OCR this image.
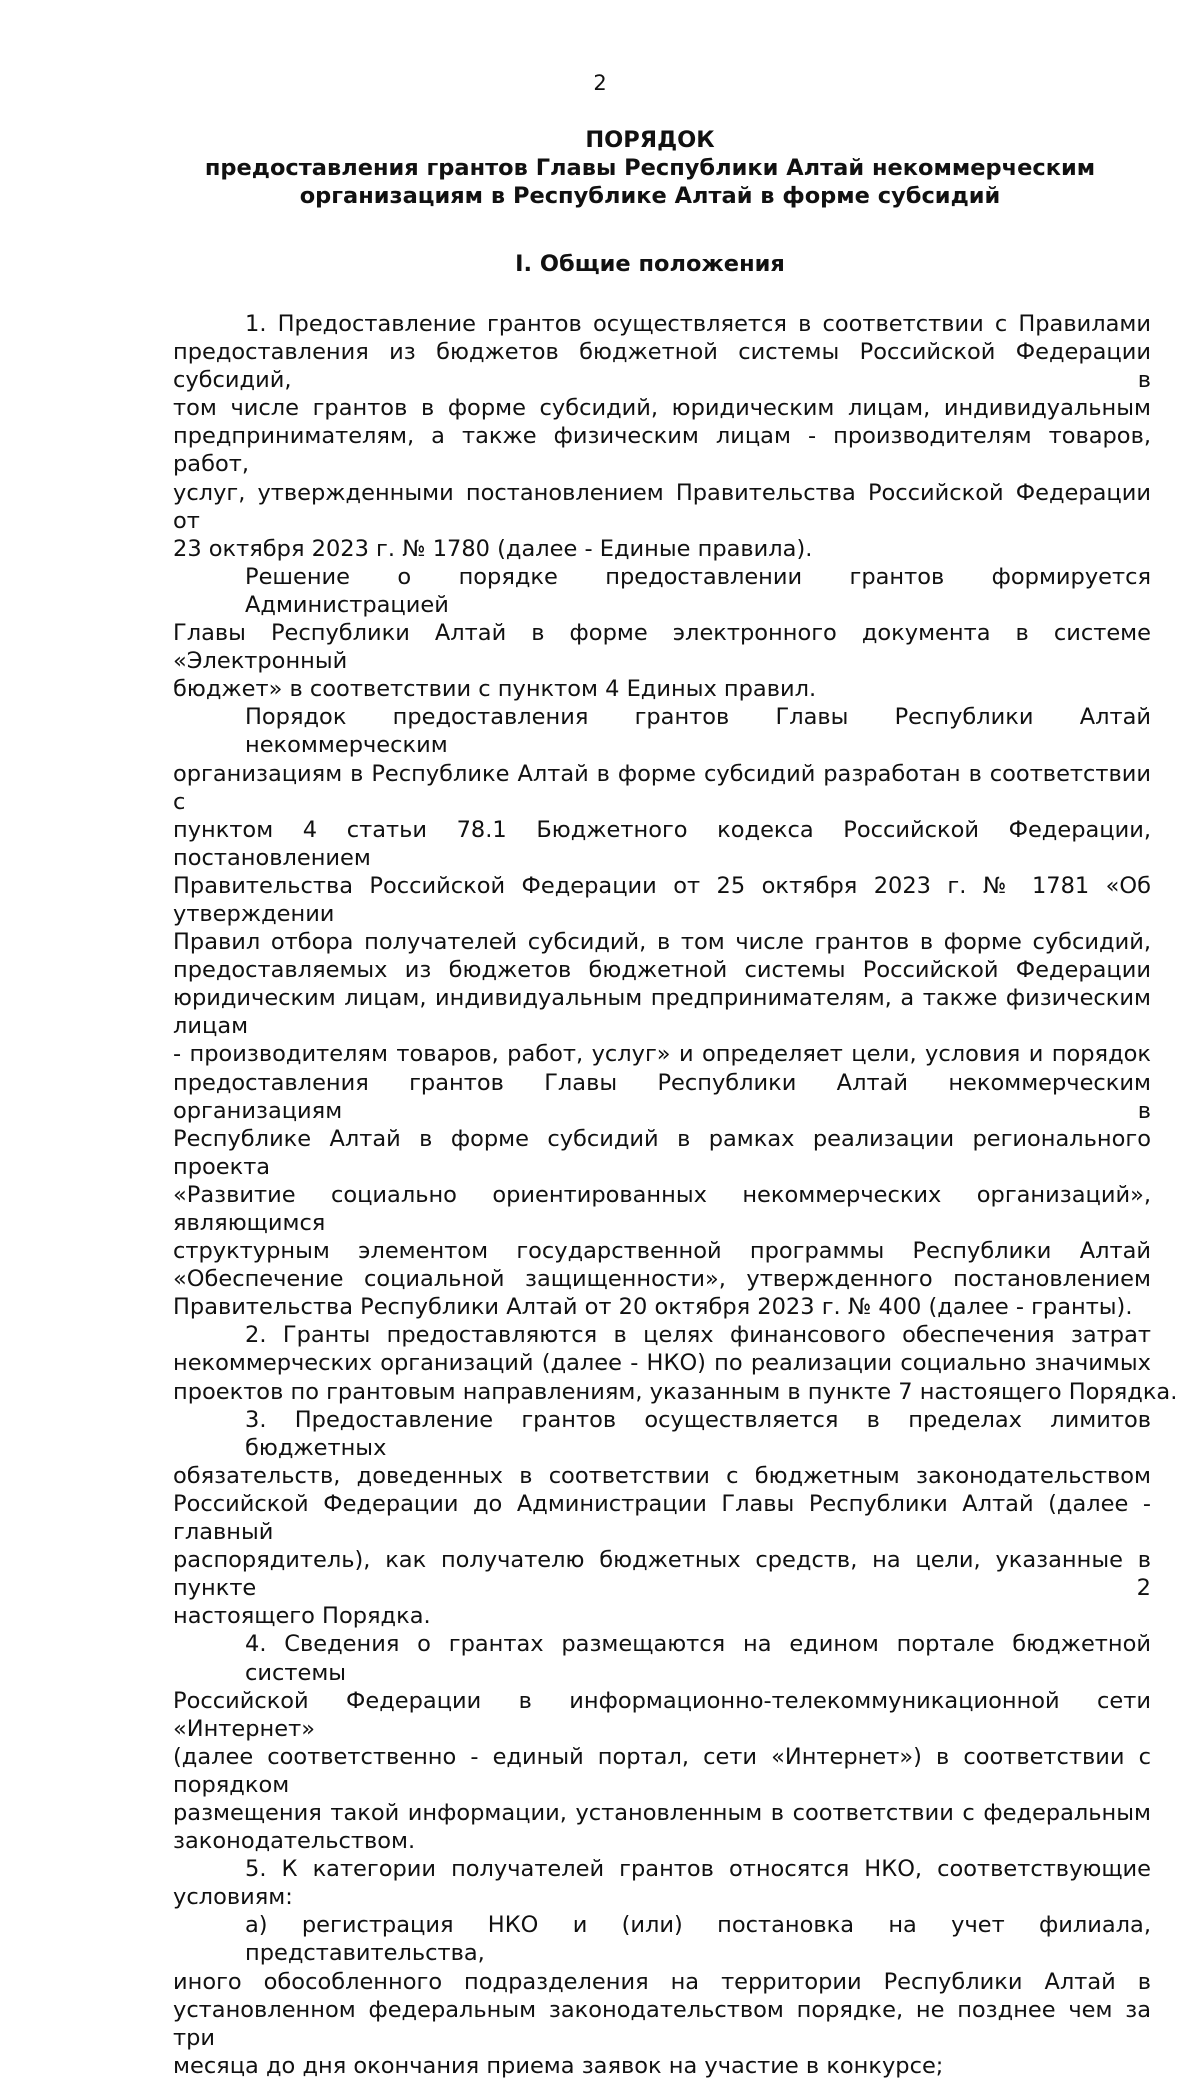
2
ПОРЯДОК
предоставления грантов Главы Республики Алтай некоммерческим
организациям в Республике Алтай в форме субсидий
I. Общие положения
1. Предоставление грантов осуществляется в соответствии с Правилами
предоставления из бюджетов бюджетной системы Российской Федерации субсидий, в
том числе грантов в форме субсидий, юридическим лицам, индивидуальным
предпринимателям, а также физическим лицам - производителям товаров, работ,
услуг, утвержденными постановлением Правительства Российской Федерации от
23 октября 2023 г. № 1780 (далее - Единые правила).
Решение о порядке предоставлении грантов формируется Администрацией
Главы Республики Алтай в форме электронного документа в системе «Электронный
бюджет» в соответствии с пунктом 4 Единых правил.
Порядок предоставления грантов Главы Республики Алтай некоммерческим
организациям в Республике Алтай в форме субсидий разработан в соответствии с
пунктом 4 статьи 78.1 Бюджетного кодекса Российской Федерации, постановлением
Правительства Российской Федерации от 25 октября 2023 г. № 1781 «Об утверждении
Правил отбора получателей субсидий, в том числе грантов в форме субсидий,
предоставляемых из бюджетов бюджетной системы Российской Федерации
юридическим лицам, индивидуальным предпринимателям, а также физическим лицам
- производителям товаров, работ, услуг» и определяет цели, условия и порядок
предоставления грантов Главы Республики Алтай некоммерческим организациям в
Республике Алтай в форме субсидий в рамках реализации регионального проекта
«Развитие социально ориентированных некоммерческих организаций», являющимся
структурным элементом государственной программы Республики Алтай
«Обеспечение социальной защищенности», утвержденного постановлением
Правительства Республики Алтай от 20 октября 2023 г. № 400 (далее - гранты).
2. Гранты предоставляются в целях финансового обеспечения затрат
некоммерческих организаций (далее - НКО) по реализации социально значимых
проектов по грантовым направлениям, указанным в пункте 7 настоящего Порядка.
3. Предоставление грантов осуществляется в пределах лимитов бюджетных
обязательств, доведенных в соответствии с бюджетным законодательством
Российской Федерации до Администрации Главы Республики Алтай (далее - главный
распорядитель), как получателю бюджетных средств, на цели, указанные в пункте 2
настоящего Порядка.
4. Сведения о грантах размещаются на едином портале бюджетной системы
Российской Федерации в информационно-телекоммуникационной сети «Интернет»
(далее соответственно - единый портал, сети «Интернет») в соответствии с порядком
размещения такой информации, установленным в соответствии с федеральным
законодательством.
5. К категории получателей грантов относятся НКО, соответствующие
условиям:
а) регистрация НКО и (или) постановка на учет филиала, представительства,
иного обособленного подразделения на территории Республики Алтай в
установленном федеральным законодательством порядке, не позднее чем за три
месяца до дня окончания приема заявок на участие в конкурсе;
